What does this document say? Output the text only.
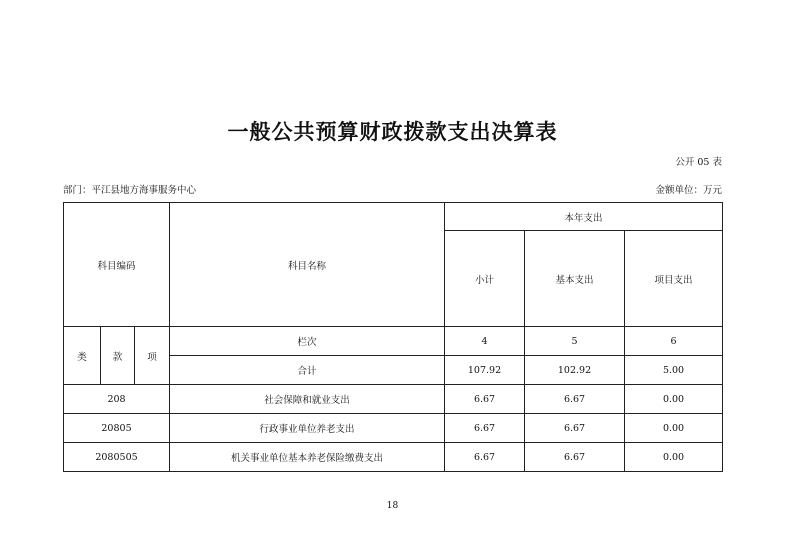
一般公共预算财政拨款支出决算表
公开 05 表
部门：平江县地方海事服务中心	金额单位：万元
科目编码			科目名称	本年支出		
				小计	基本支出	项目支出
类	款	项	栏次	4	5	6
			合计	107.92	102.92	5.00
208			社会保障和就业支出	6.67	6.67	0.00
20805			行政事业单位养老支出	6.67	6.67	0.00
2080505			机关事业单位基本养老保险缴费支出	6.67	6.67	0.00
18
